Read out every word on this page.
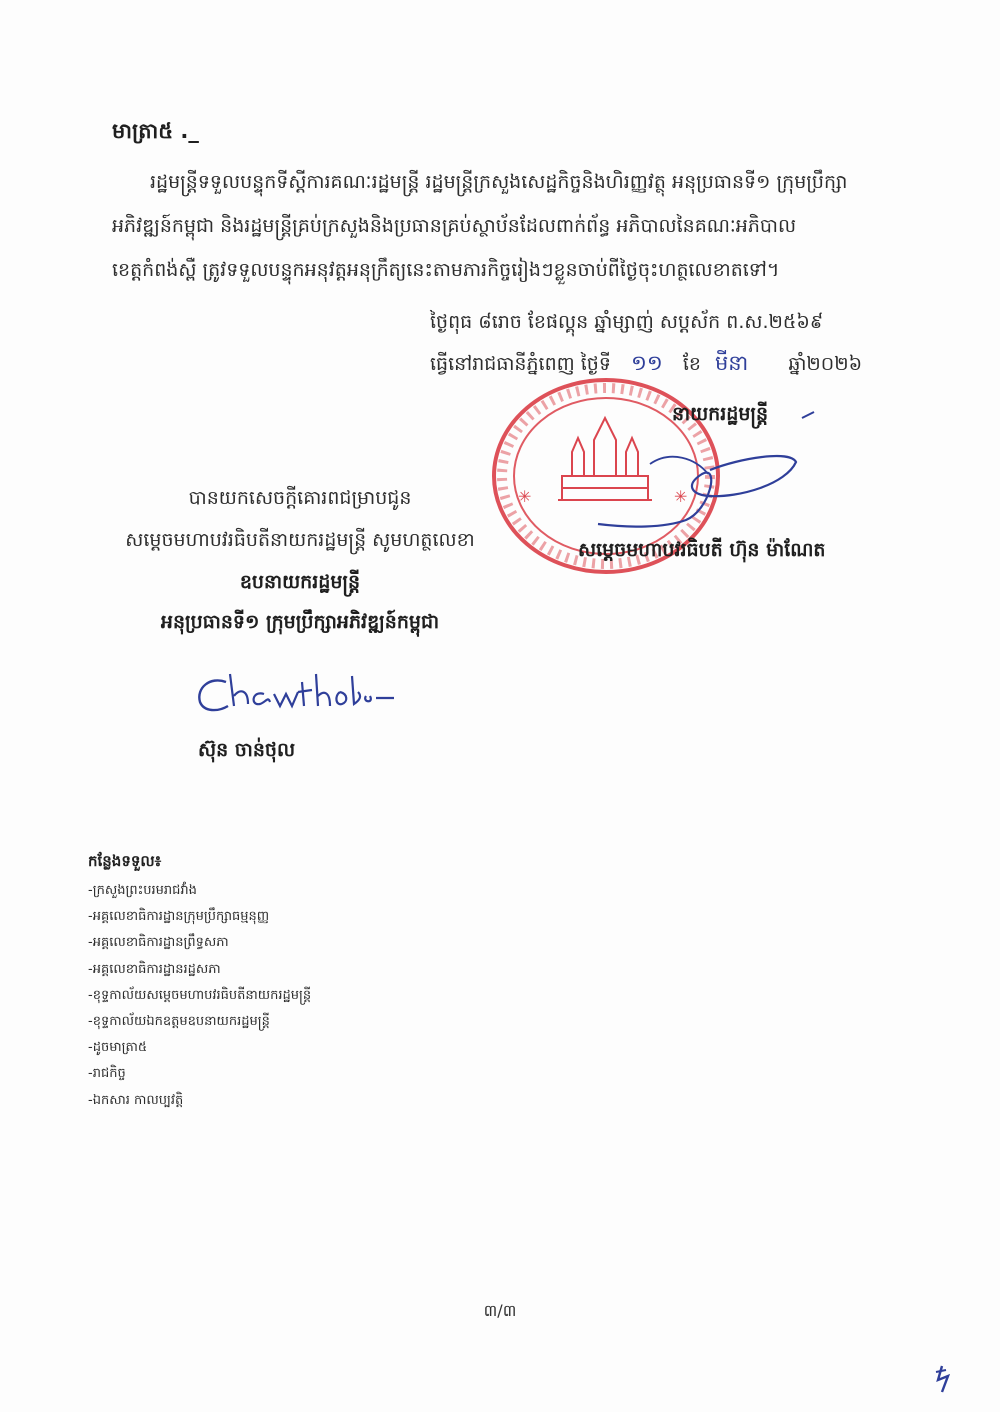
មាត្រា៥ ._
រដ្ឋមន្ត្រីទទួលបន្ទុកទីស្តីការគណៈរដ្ឋមន្ត្រី រដ្ឋមន្ត្រីក្រសួងសេដ្ឋកិច្ចនិងហិរញ្ញវត្ថុ អនុប្រធានទី១ ក្រុមប្រឹក្សា
អភិវឌ្ឍន៍កម្ពុជា និងរដ្ឋមន្ត្រីគ្រប់ក្រសួងនិងប្រធានគ្រប់ស្ថាប័នដែលពាក់ព័ន្ធ អភិបាលនៃគណៈអភិបាល
ខេត្តកំពង់ស្ពឺ ត្រូវទទួលបន្ទុកអនុវត្តអនុក្រឹត្យនេះតាមភារកិច្ចរៀងៗខ្លួនចាប់ពីថ្ងៃចុះហត្ថលេខាតទៅ។
ថ្ងៃពុធ ៨រោច ខែផល្គុន ឆ្នាំម្សាញ់ សប្តស័ក ព.ស.២៥៦៩
ធ្វើនៅរាជធានីភ្នំពេញ ថ្ងៃទី ១១ ខែ មីនា ឆ្នាំ២០២៦
✳	✳
នាយករដ្ឋមន្ត្រី
សម្តេចមហាបវរធិបតី ហ៊ុន ម៉ាណែត
បានយកសេចក្តីគោរពជម្រាបជូន
សម្តេចមហាបវរធិបតីនាយករដ្ឋមន្ត្រី សូមហត្ថលេខា
ឧបនាយករដ្ឋមន្ត្រី
អនុប្រធានទី១ ក្រុមប្រឹក្សាអភិវឌ្ឍន៍កម្ពុជា
ស៊ុន ចាន់ថុល
កន្លែងទទួល៖
-ក្រសួងព្រះបរមរាជវាំង
-អគ្គលេខាធិការដ្ឋានក្រុមប្រឹក្សាធម្មនុញ្ញ
-អគ្គលេខាធិការដ្ឋានព្រឹទ្ធសភា
-អគ្គលេខាធិការដ្ឋានរដ្ឋសភា
-ខុទ្ទកាល័យសម្តេចមហាបវរធិបតីនាយករដ្ឋមន្ត្រី
-ខុទ្ទកាល័យឯកឧត្តមឧបនាយករដ្ឋមន្ត្រី
-ដូចមាត្រា៥
-រាជកិច្ច
-ឯកសារ កាលប្បវត្តិ
៣/៣
